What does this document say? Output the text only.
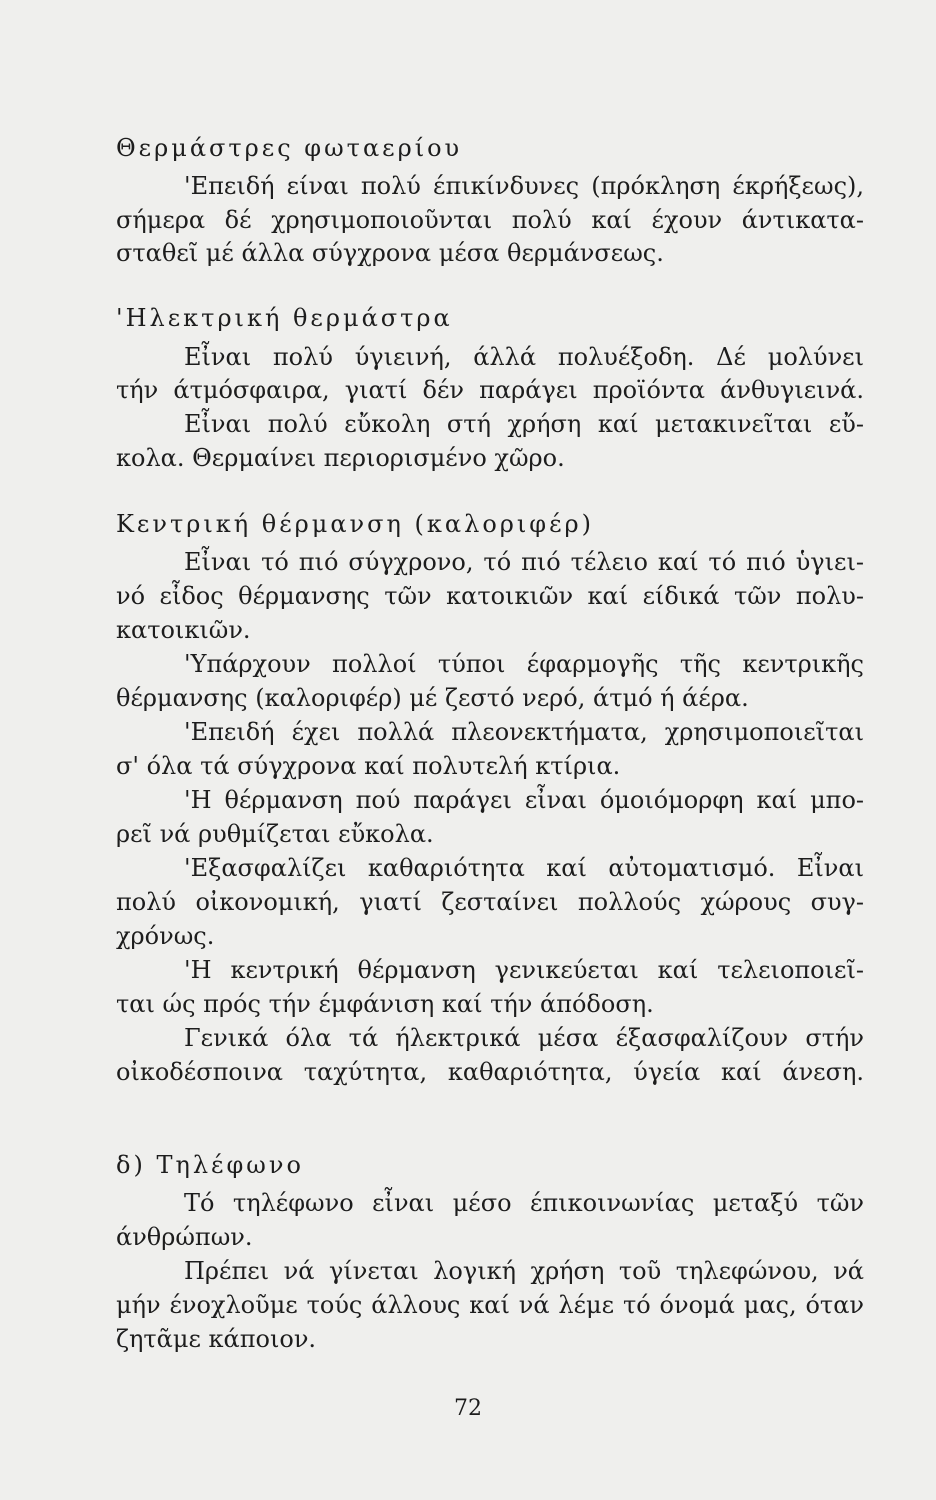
Θερμάστρες φωταερίου
'Επειδή είναι πολύ έπικίνδυνες (πρόκληση έκρήξεως),
σήμερα δέ χρησιμοποιοῦνται πολύ καί έχουν άντικατα-
σταθεῖ μέ άλλα σύγχρονα μέσα θερμάνσεως.
'Ηλεκτρική θερμάστρα
Εἶναι πολύ ύγιεινή, άλλά πολυέξοδη. Δέ μολύνει
τήν άτμόσφαιρα, γιατί δέν παράγει προϊόντα άνθυγιεινά.
Εἶναι πολύ εὔκολη στή χρήση καί μετακινεῖται εὔ-
κολα. Θερμαίνει περιορισμένο χῶρο.
Κεντρική θέρμανση (καλοριφέρ)
Εἶναι τό πιό σύγχρονο, τό πιό τέλειο καί τό πιό ὑγιει-
νό εἶδος θέρμανσης τῶν κατοικιῶν καί είδικά τῶν πολυ-
κατοικιῶν.
'Υπάρχουν πολλοί τύποι έφαρμογῆς τῆς κεντρικῆς
θέρμανσης (καλοριφέρ) μέ ζεστό νερό, άτμό ή άέρα.
'Επειδή έχει πολλά πλεονεκτήματα, χρησιμοποιεῖται
σ' όλα τά σύγχρονα καί πολυτελή κτίρια.
'Η θέρμανση πού παράγει εἶναι όμοιόμορφη καί μπο-
ρεῖ νά ρυθμίζεται εὔκολα.
'Εξασφαλίζει καθαριότητα καί αὐτοματισμό. Εἶναι
πολύ οἰκονομική, γιατί ζεσταίνει πολλούς χώρους συγ-
χρόνως.
'Η κεντρική θέρμανση γενικεύεται καί τελειοποιεῖ-
ται ώς πρός τήν έμφάνιση καί τήν άπόδοση.
Γενικά όλα τά ήλεκτρικά μέσα έξασφαλίζουν στήν
οἰκοδέσποινα ταχύτητα, καθαριότητα, ύγεία καί άνεση.
δ) Τηλέφωνο
Τό τηλέφωνο εἶναι μέσο έπικοινωνίας μεταξύ τῶν
άνθρώπων.
Πρέπει νά γίνεται λογική χρήση τοῦ τηλεφώνου, νά
μήν ένοχλοῦμε τούς άλλους καί νά λέμε τό όνομά μας, όταν
ζητᾶμε κάποιον.
72
